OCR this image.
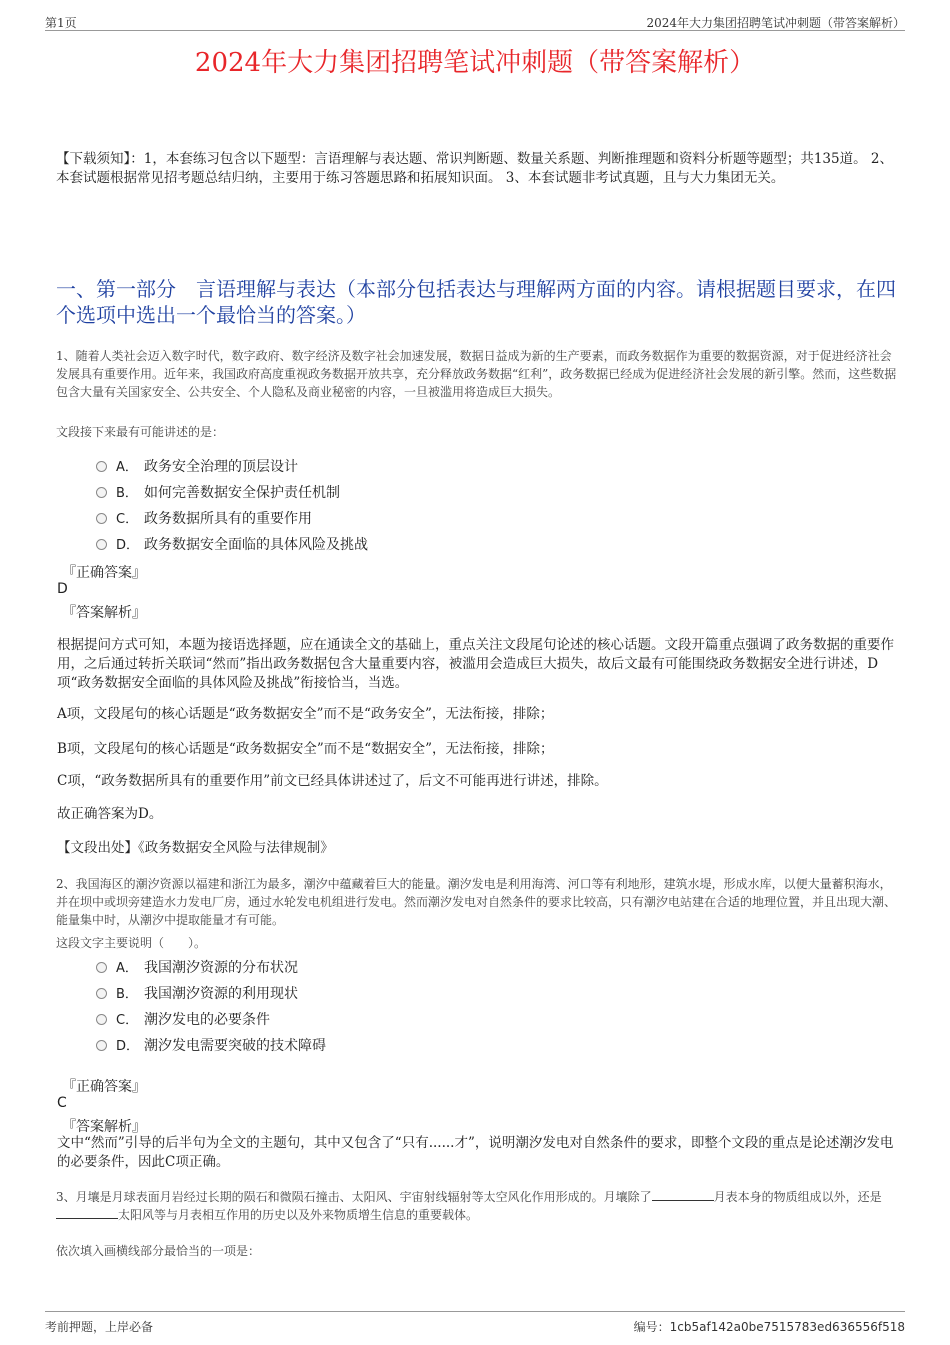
第1页	2024年大力集团招聘笔试冲刺题（带答案解析）
2024年大力集团招聘笔试冲刺题（带答案解析）
【下载须知】：1，本套练习包含以下题型：言语理解与表达题、常识判断题、数量关系题、判断推理题和资料分析题等题型；共135道。 2、本套试题根据常见招考题总结归纳，主要用于练习答题思路和拓展知识面。 3、本套试题非考试真题，且与大力集团无关。
一、第一部分　言语理解与表达（本部分包括表达与理解两方面的内容。请根据题目要求，在四个选项中选出一个最恰当的答案。）
1、随着人类社会迈入数字时代，数字政府、数字经济及数字社会加速发展，数据日益成为新的生产要素，而政务数据作为重要的数据资源，对于促进经济社会发展具有重要作用。近年来，我国政府高度重视政务数据开放共享，充分释放政务数据“红利”，政务数据已经成为促进经济社会发展的新引擎。然而，这些数据包含大量有关国家安全、公共安全、个人隐私及商业秘密的内容，一旦被滥用将造成巨大损失。
文段接下来最有可能讲述的是：
A． 政务安全治理的顶层设计
B． 如何完善数据安全保护责任机制
C． 政务数据所具有的重要作用
D． 政务数据安全面临的具体风险及挑战
『正确答案』
D
『答案解析』
根据提问方式可知，本题为接语选择题，应在通读全文的基础上，重点关注文段尾句论述的核心话题。文段开篇重点强调了政务数据的重要作用，之后通过转折关联词“然而”指出政务数据包含大量重要内容，被滥用会造成巨大损失，故后文最有可能围绕政务数据安全进行讲述，D项“政务数据安全面临的具体风险及挑战”衔接恰当，当选。
A项，文段尾句的核心话题是“政务数据安全”而不是“政务安全”，无法衔接，排除；
B项，文段尾句的核心话题是“政务数据安全”而不是“数据安全”，无法衔接，排除；
C项，“政务数据所具有的重要作用”前文已经具体讲述过了，后文不可能再进行讲述，排除。
故正确答案为D。
【文段出处】《政务数据安全风险与法律规制》
2、我国海区的潮汐资源以福建和浙江为最多，潮汐中蕴藏着巨大的能量。潮汐发电是利用海湾、河口等有利地形，建筑水堤，形成水库，以便大量蓄积海水，并在坝中或坝旁建造水力发电厂房，通过水轮发电机组进行发电。然而潮汐发电对自然条件的要求比较高，只有潮汐电站建在合适的地理位置，并且出现大潮、能量集中时，从潮汐中提取能量才有可能。
这段文字主要说明（　　）。
A． 我国潮汐资源的分布状况
B． 我国潮汐资源的利用现状
C． 潮汐发电的必要条件
D． 潮汐发电需要突破的技术障碍
『正确答案』
C
『答案解析』
文中“然而”引导的后半句为全文的主题句，其中又包含了“只有......才”，说明潮汐发电对自然条件的要求，即整个文段的重点是论述潮汐发电的必要条件，因此C项正确。
3、月壤是月球表面月岩经过长期的陨石和微陨石撞击、太阳风、宇宙射线辐射等太空风化作用形成的。月壤除了	月表本身的物质组成以外，还是太阳风等与月表相互作用的历史以及外来物质增生信息的重要载体。
依次填入画横线部分最恰当的一项是：
考前押题，上岸必备	编号：1cb5af142a0be7515783ed636556f518
